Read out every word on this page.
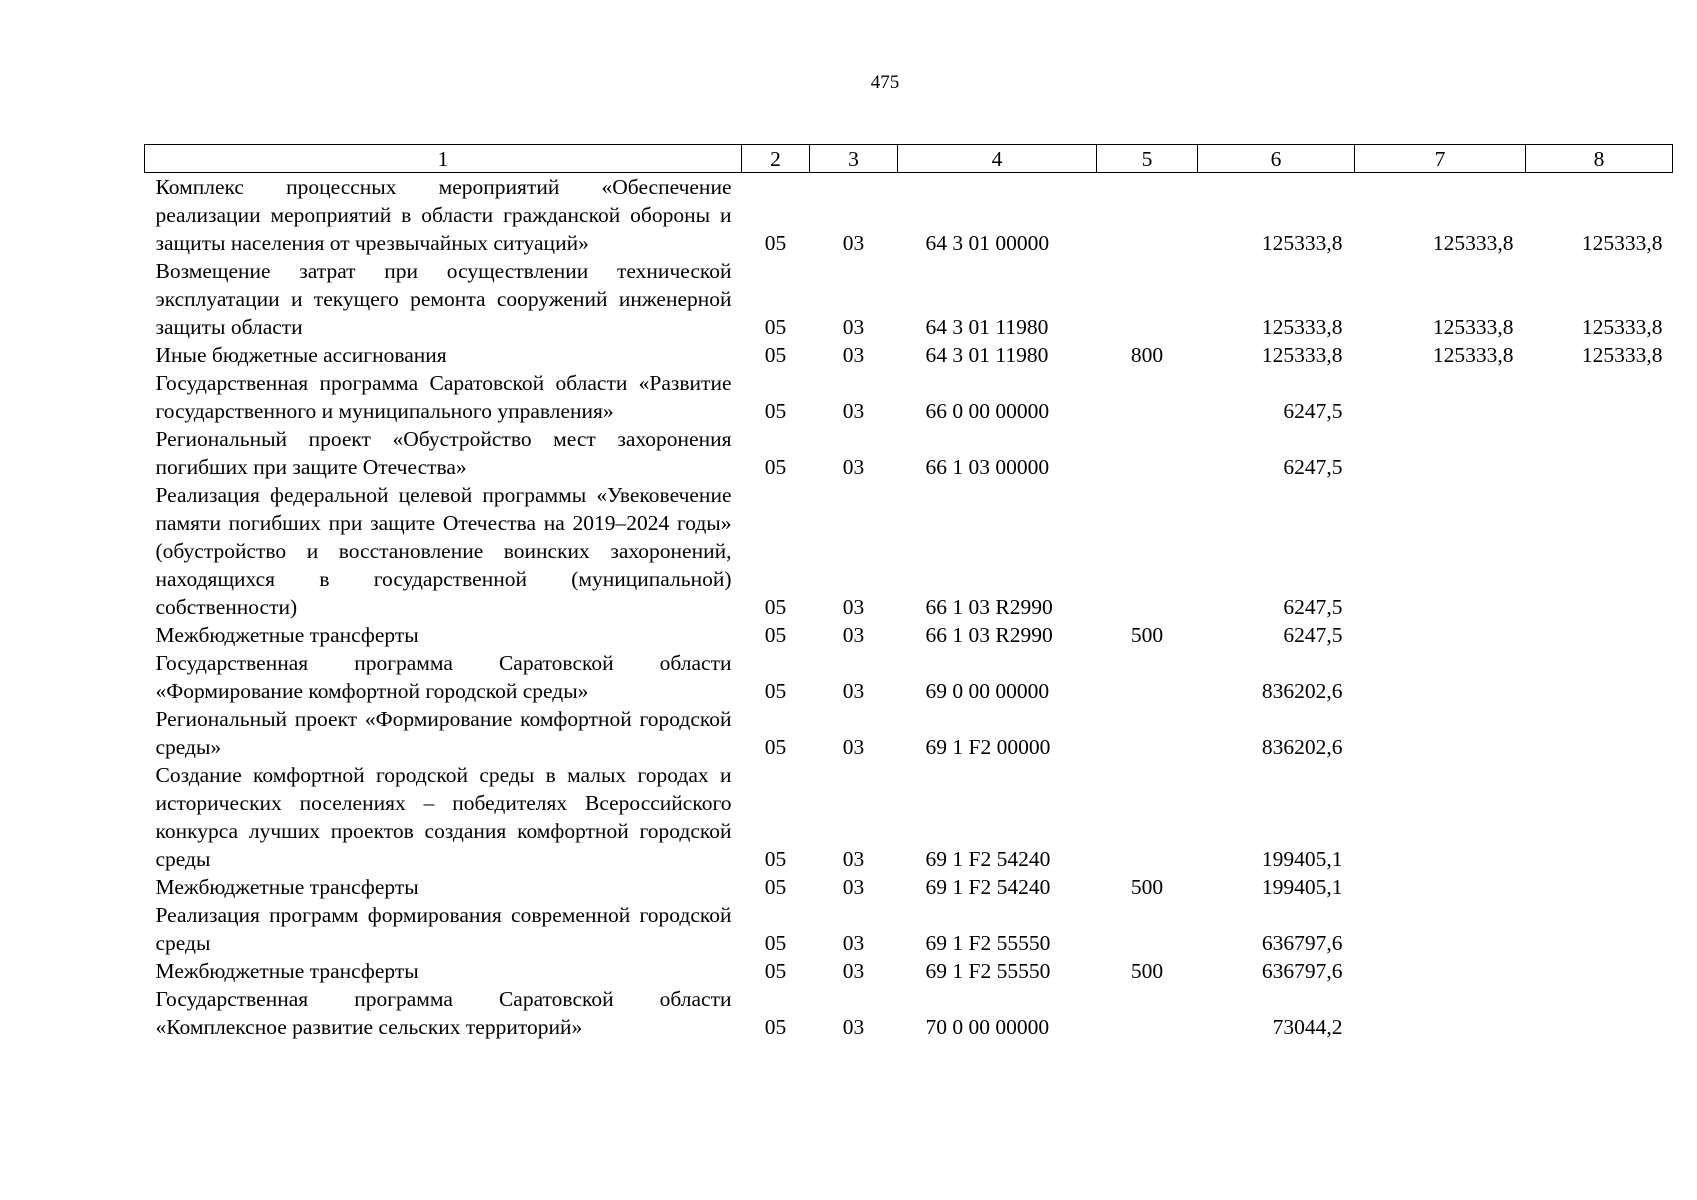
475
1	2	3	4	5	6	7	8
Комплекс процессных мероприятий «Обеспечение реализации мероприятий в области гражданской обороны и защиты населения от чрезвычайных ситуаций»	05	03	64 3 01 00000		125333,8	125333,8	125333,8
Возмещение затрат при осуществлении технической эксплуатации и текущего ремонта сооружений инженерной защиты области	05	03	64 3 01 11980		125333,8	125333,8	125333,8
Иные бюджетные ассигнования	05	03	64 3 01 11980	800	125333,8	125333,8	125333,8
Государственная программа Саратовской области «Развитие государственного и муниципального управления»	05	03	66 0 00 00000		6247,5		
Региональный проект «Обустройство мест захоронения погибших при защите Отечества»	05	03	66 1 03 00000		6247,5		
Реализация федеральной целевой программы «Увековечение памяти погибших при защите Отечества на 2019–2024 годы» (обустройство и восстановление воинских захоронений, находящихся в государственной (муниципальной) собственности)	05	03	66 1 03 R2990		6247,5		
Межбюджетные трансферты	05	03	66 1 03 R2990	500	6247,5		
Государственная программа Саратовской области «Формирование комфортной городской среды»	05	03	69 0 00 00000		836202,6		
Региональный проект «Формирование комфортной городской среды»	05	03	69 1 F2 00000		836202,6		
Создание комфортной городской среды в малых городах и исторических поселениях – победителях Всероссийского конкурса лучших проектов создания комфортной городской среды	05	03	69 1 F2 54240		199405,1		
Межбюджетные трансферты	05	03	69 1 F2 54240	500	199405,1		
Реализация программ формирования современной городской среды	05	03	69 1 F2 55550		636797,6		
Межбюджетные трансферты	05	03	69 1 F2 55550	500	636797,6		
Государственная программа Саратовской области «Комплексное развитие сельских территорий»	05	03	70 0 00 00000		73044,2		
